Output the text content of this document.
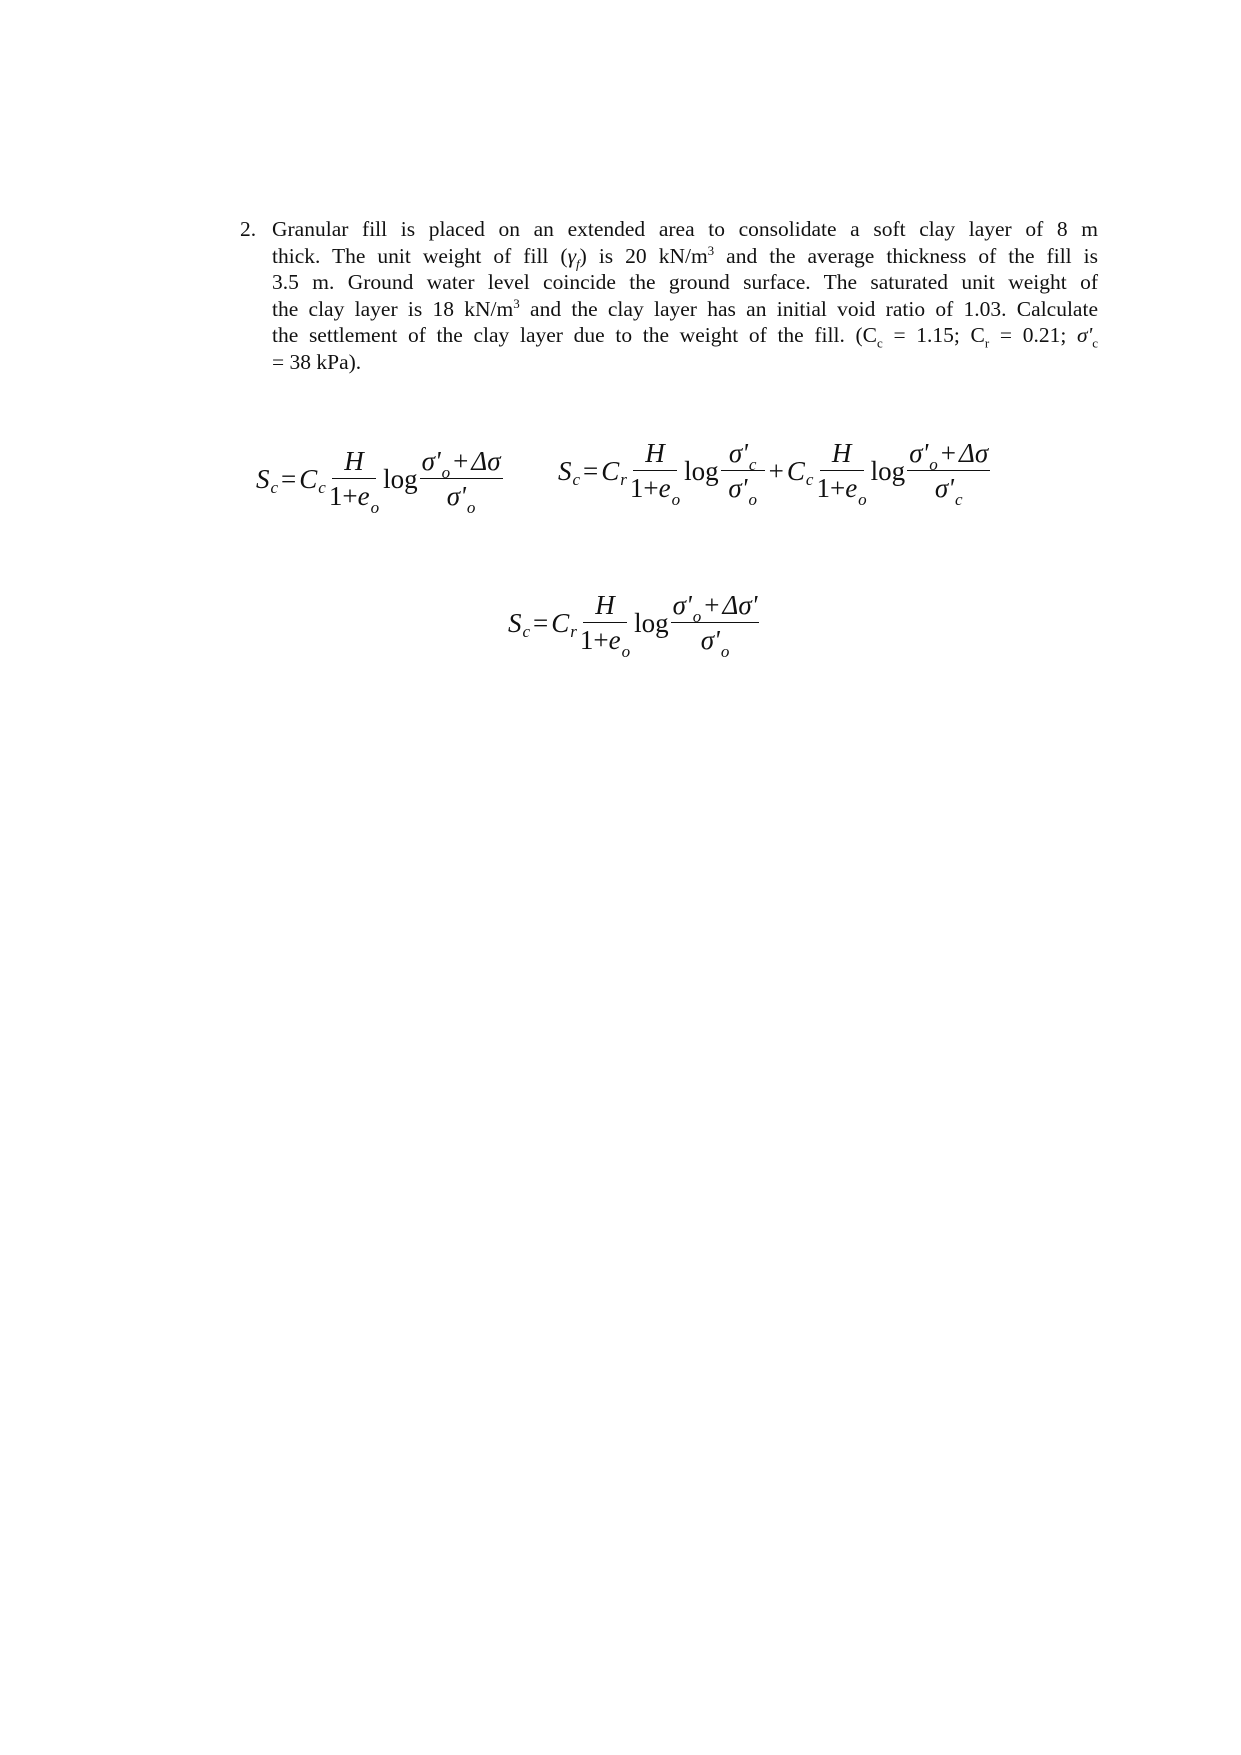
2. Granular fill is placed on an extended area to consolidate a soft clay layer of 8 m
thick. The unit weight of fill $(\gamma_f)$ is 20 $kN/m^3$ and the average thickness of the fill is
3.5 m. Ground water level coincide the ground surface. The saturated unit weight of
the clay layer is 18 $kN/m^3$ and the clay layer has an initial void ratio of 1.03. Calculate
the settlement of the clay layer due to the weight of the fill. ($C_c = 1.15$; $C_r = 0.21$; $\sigma'_c$
= 38 kPa).
S c = C c $\frac{H}{1+e_o}$ $\log \frac{\sigma'_o + \Delta\sigma}{\sigma'_o}$ S c = C r $\frac{H}{1+e_o}$ $\log \frac{\sigma'_c}{\sigma'_o} + C$ c $\frac{H}{1+e_o}$ $\log \frac{\sigma'_o + \Delta\sigma}{\sigma'_c}$
S c = C r $\frac{H}{1+e_o}$ $\log \frac{\sigma'_o + \Delta\sigma'}{\sigma'_o}$
